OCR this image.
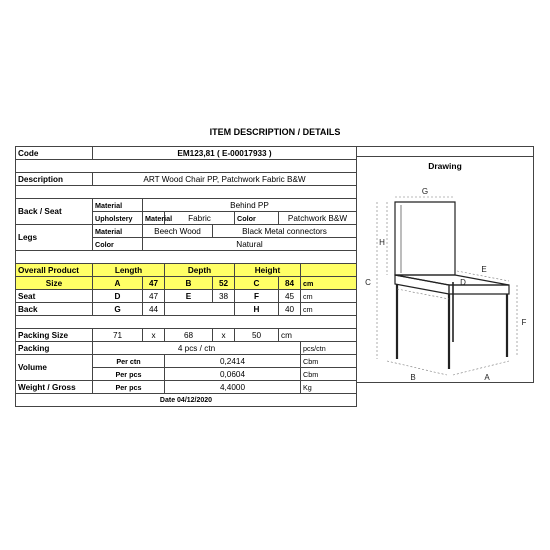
ITEM DESCRIPTION / DETAILS
Code	EM123,81 ( E-00017933 )						

Description	ART Wood Chair PP, Patchwork Fabric B&W						

Back / Seat	Material	Behind PP					
	Upholstery	Material	Fabric		Color	Patchwork B&W	
Legs	Material	Beech Wood		Black Metal connectors			
	Color	Natural					

Overall Product	Length		Depth		Height		
Size	A	47	B	52	C	84	cm
Seat	D	47	E	38	F	45	cm
Back	G	44			H	40	cm

Packing Size	71	x	68	x	50	cm	
Packing	4 pcs / ctn						pcs/ctn
Volume	Per ctn		0,2414				Cbm
	Per pcs		0,0604				Cbm
Weight / Gross	Per pcs		4,4000				Kg
Date 04/12/2020							
Drawing
G
H
C
E
D
F
B	A
